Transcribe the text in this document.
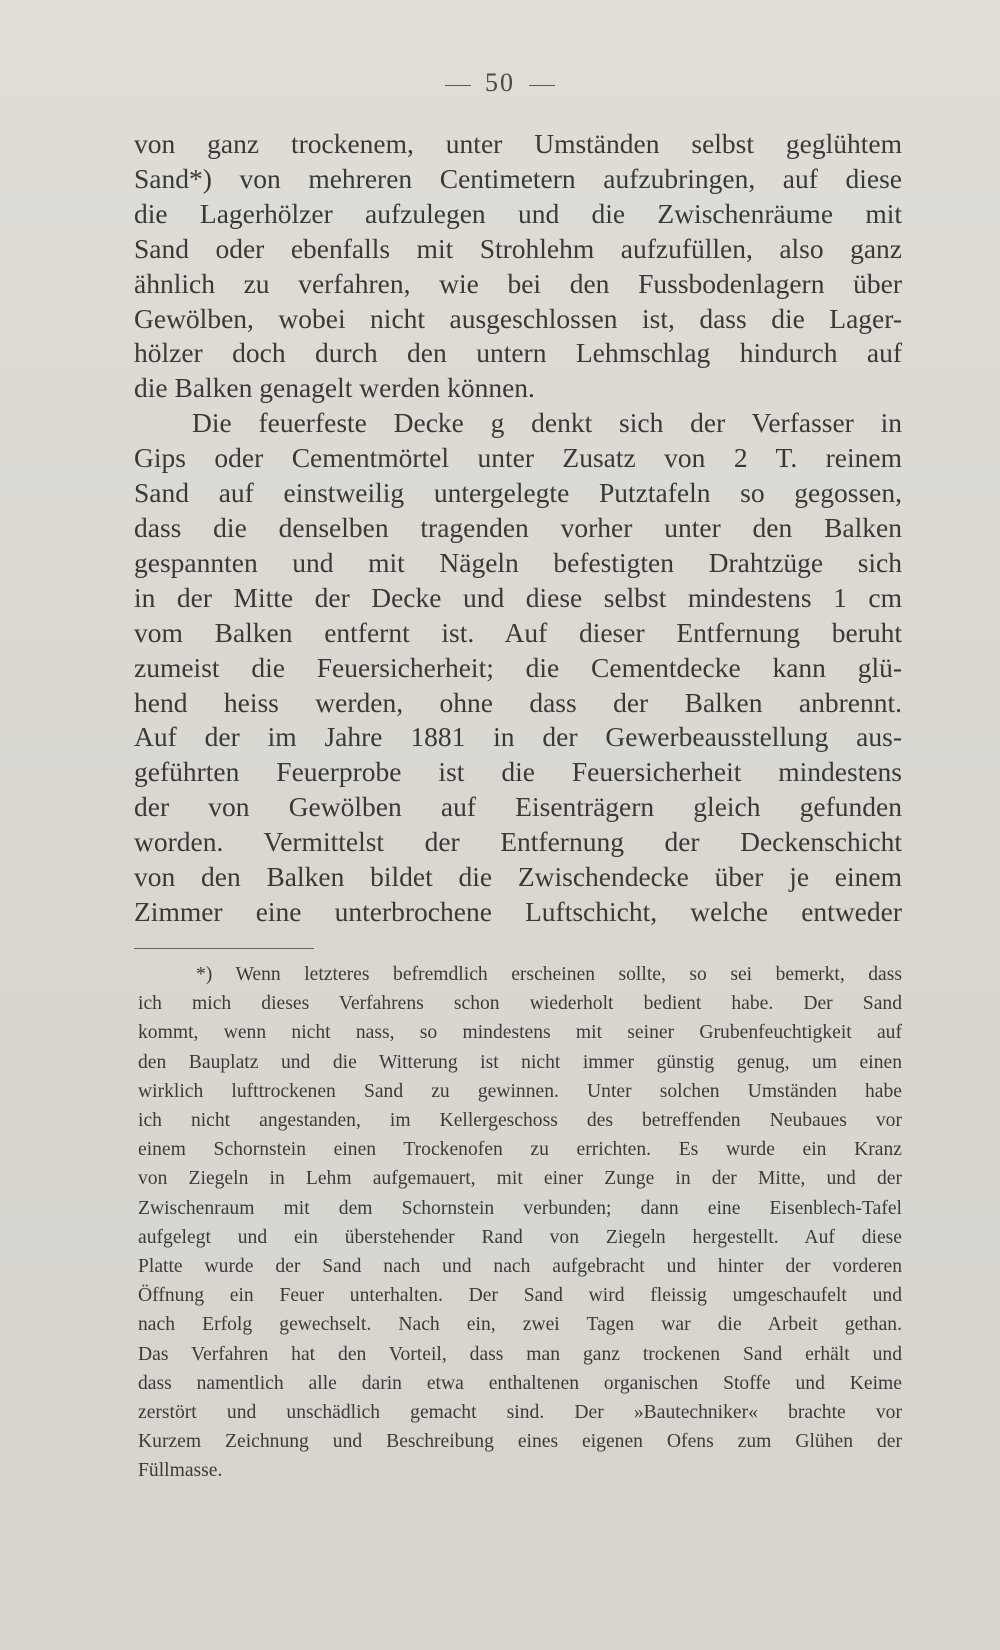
50
von ganz trockenem, unter Umständen selbst geglühtem
Sand*) von mehreren Centimetern aufzubringen, auf diese
die Lagerhölzer aufzulegen und die Zwischenräume mit
Sand oder ebenfalls mit Strohlehm aufzufüllen, also ganz
ähnlich zu verfahren, wie bei den Fussbodenlagern über
Gewölben, wobei nicht ausgeschlossen ist, dass die Lager-
hölzer doch durch den untern Lehmschlag hindurch auf
die Balken genagelt werden können.
Die feuerfeste Decke g denkt sich der Verfasser in
Gips oder Cementmörtel unter Zusatz von 2 T. reinem
Sand auf einstweilig untergelegte Putztafeln so gegossen,
dass die denselben tragenden vorher unter den Balken
gespannten und mit Nägeln befestigten Drahtzüge sich
in der Mitte der Decke und diese selbst mindestens 1 cm
vom Balken entfernt ist. Auf dieser Entfernung beruht
zumeist die Feuersicherheit; die Cementdecke kann glü-
hend heiss werden, ohne dass der Balken anbrennt.
Auf der im Jahre 1881 in der Gewerbeausstellung aus-
geführten Feuerprobe ist die Feuersicherheit mindestens
der von Gewölben auf Eisenträgern gleich gefunden
worden. Vermittelst der Entfernung der Deckenschicht
von den Balken bildet die Zwischendecke über je einem
Zimmer eine unterbrochene Luftschicht, welche entweder
*) Wenn letzteres befremdlich erscheinen sollte, so sei bemerkt, dass
ich mich dieses Verfahrens schon wiederholt bedient habe. Der Sand
kommt, wenn nicht nass, so mindestens mit seiner Grubenfeuchtigkeit auf
den Bauplatz und die Witterung ist nicht immer günstig genug, um einen
wirklich lufttrockenen Sand zu gewinnen. Unter solchen Umständen habe
ich nicht angestanden, im Kellergeschoss des betreffenden Neubaues vor
einem Schornstein einen Trockenofen zu errichten. Es wurde ein Kranz
von Ziegeln in Lehm aufgemauert, mit einer Zunge in der Mitte, und der
Zwischenraum mit dem Schornstein verbunden; dann eine Eisenblech-Tafel
aufgelegt und ein überstehender Rand von Ziegeln hergestellt. Auf diese
Platte wurde der Sand nach und nach aufgebracht und hinter der vorderen
Öffnung ein Feuer unterhalten. Der Sand wird fleissig umgeschaufelt und
nach Erfolg gewechselt. Nach ein, zwei Tagen war die Arbeit gethan.
Das Verfahren hat den Vorteil, dass man ganz trockenen Sand erhält und
dass namentlich alle darin etwa enthaltenen organischen Stoffe und Keime
zerstört und unschädlich gemacht sind. Der »Bautechniker« brachte vor
Kurzem Zeichnung und Beschreibung eines eigenen Ofens zum Glühen der
Füllmasse.
